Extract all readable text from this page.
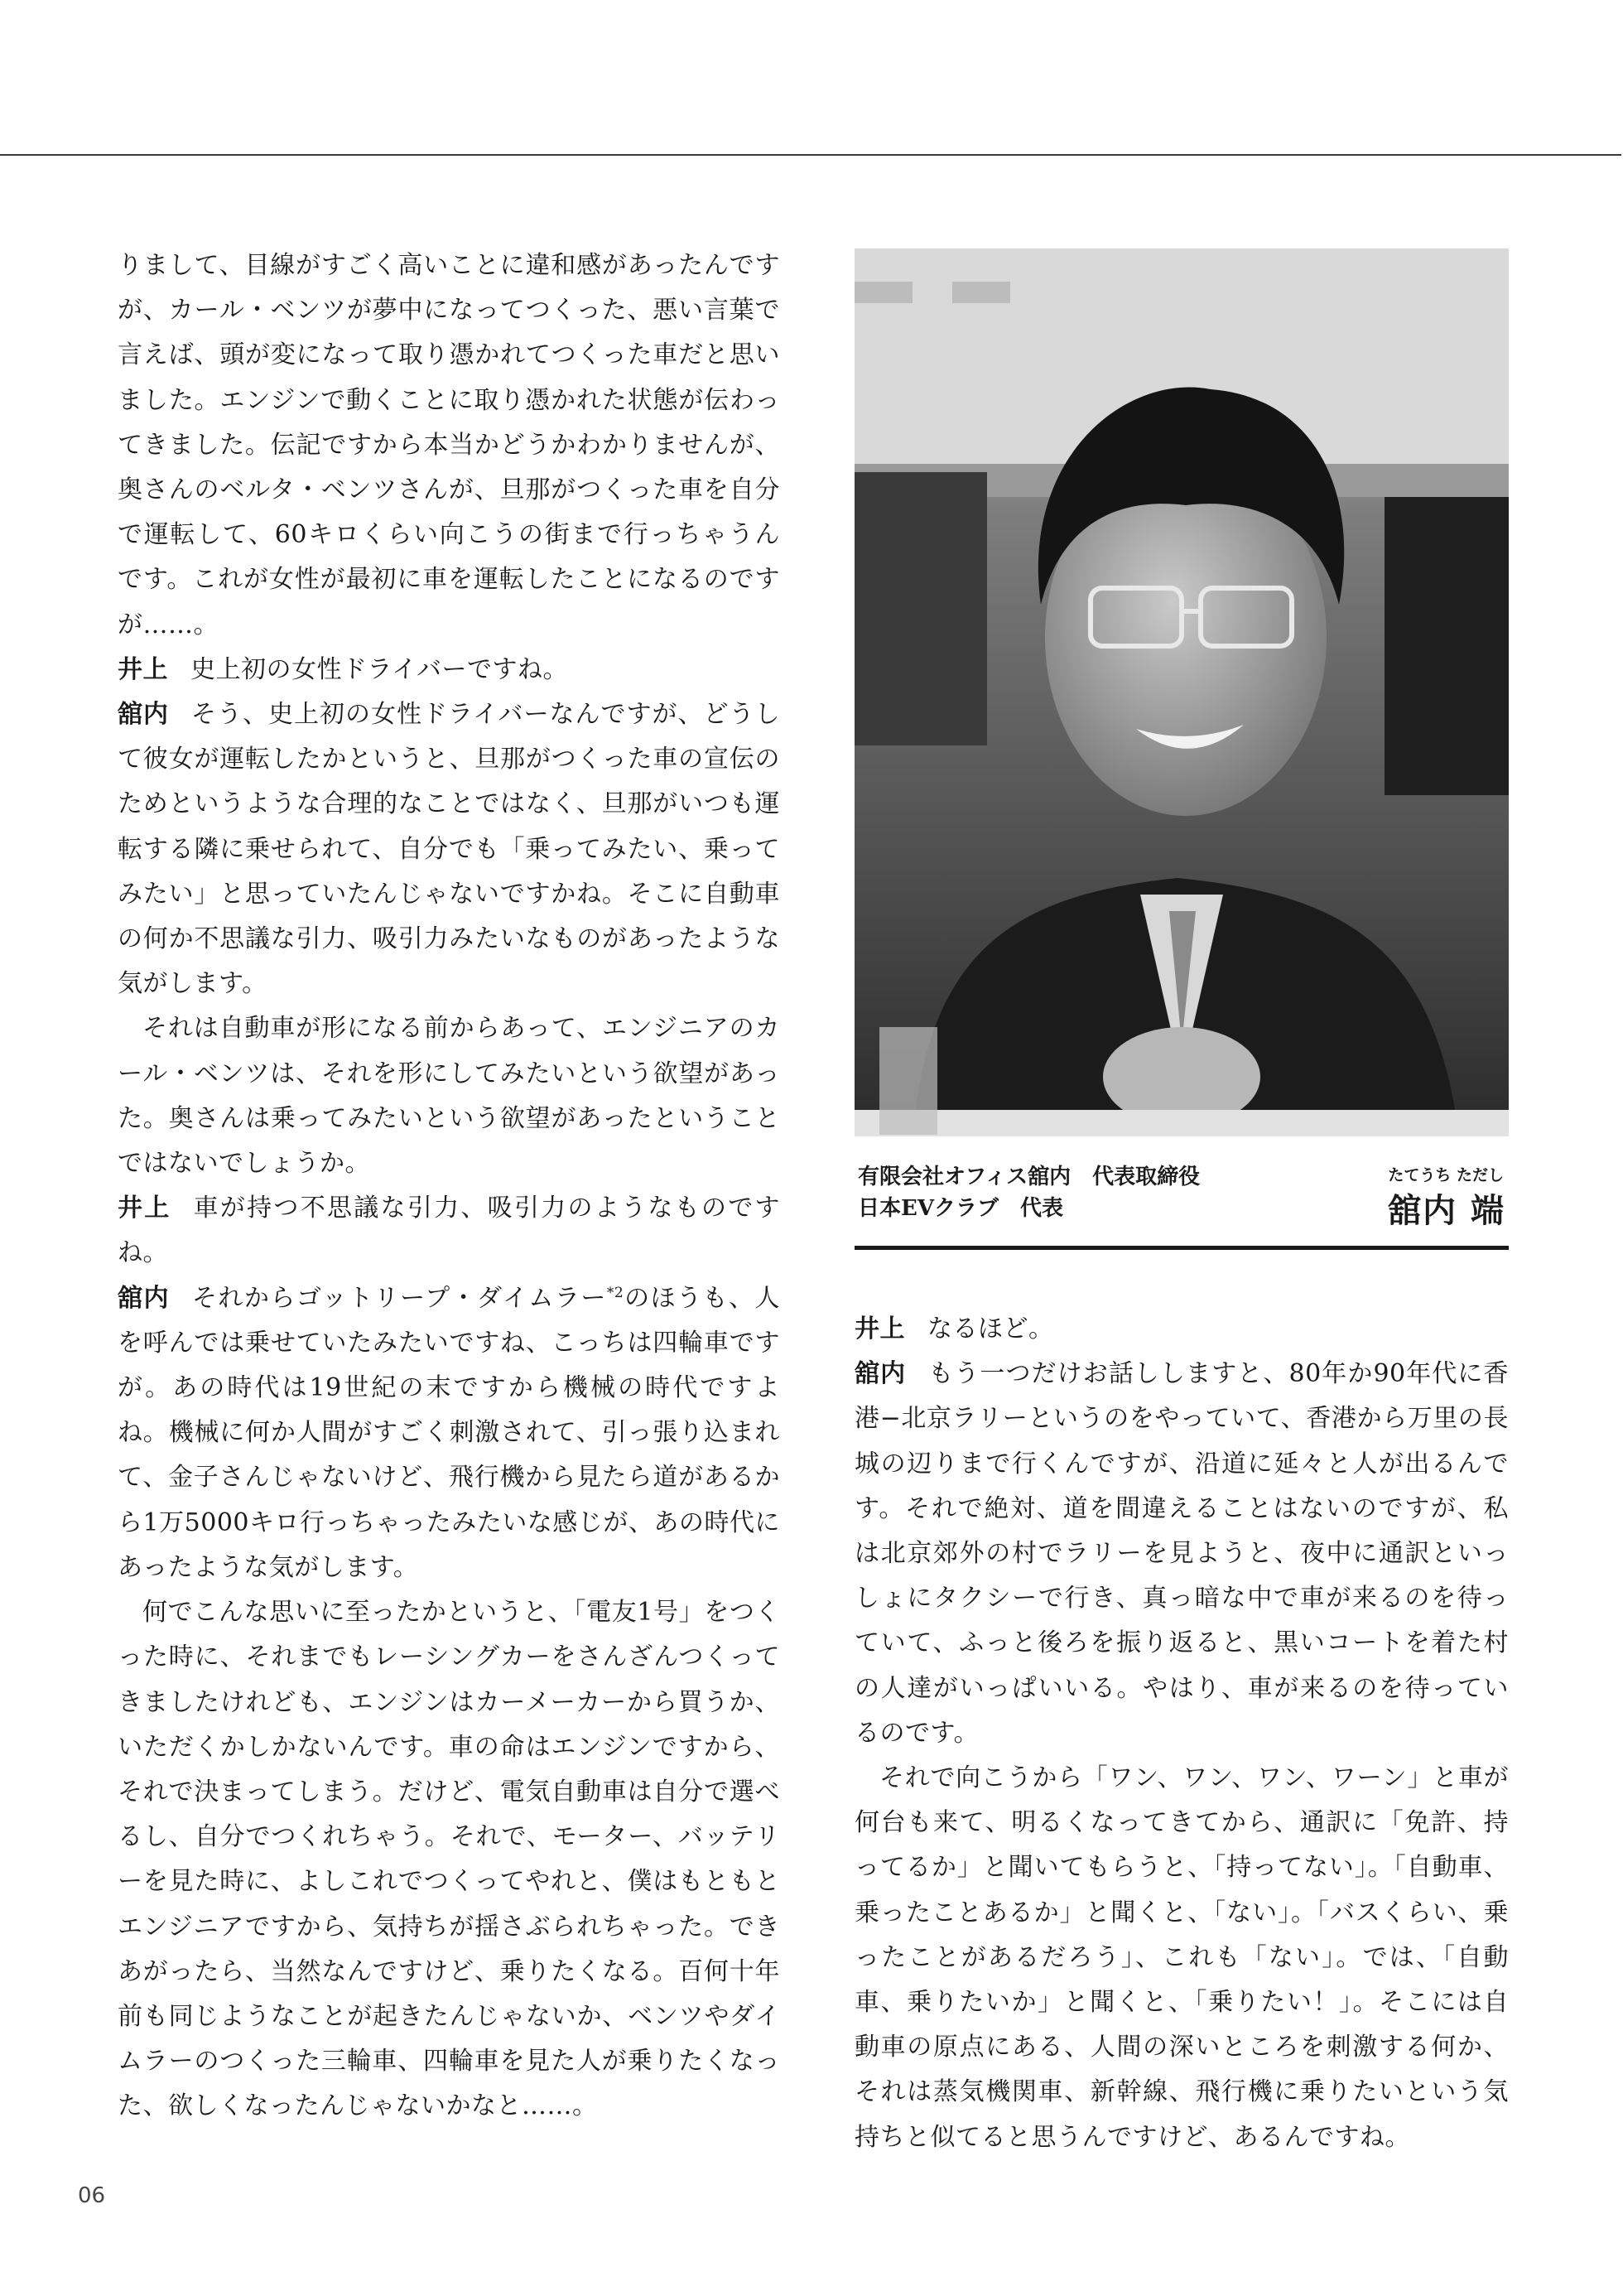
りまして、目線がすごく高いことに違和感があったんですが、カール・ベンツが夢中になってつくった、悪い言葉で言えば、頭が変になって取り憑かれてつくった車だと思いました。エンジンで動くことに取り憑かれた状態が伝わってきました。伝記ですから本当かどうかわかりませんが、奥さんのベルタ・ベンツさんが、旦那がつくった車を自分で運転して、60キロくらい向こうの街まで行っちゃうんです。これが女性が最初に車を運転したことになるのですが……。

井上 史上初の女性ドライバーですね。

舘内 そう、史上初の女性ドライバーなんですが、どうして彼女が運転したかというと、旦那がつくった車の宣伝のためというような合理的なことではなく、旦那がいつも運転する隣に乗せられて、自分でも「乗ってみたい、乗ってみたい」と思っていたんじゃないですかね。そこに自動車の何か不思議な引力、吸引力みたいなものがあったような気がします。

それは自動車が形になる前からあって、エンジニアのカール・ベンツは、それを形にしてみたいという欲望があった。奥さんは乗ってみたいという欲望があったということではないでしょうか。

井上 車が持つ不思議な引力、吸引力のようなものですね。

舘内 それからゴットリープ・ダイムラー$^{*2}$のほうも、人を呼んでは乗せていたみたいですね、こっちは四輪車ですが。あの時代は19世紀の末ですから機械の時代ですよね。機械に何か人間がすごく刺激されて、引っ張り込まれて、金子さんじゃないけど、飛行機から見たら道があるから1万5000キロ行っちゃったみたいな感じが、あの時代にあったような気がします。

何でこんな思いに至ったかというと、「電友1号」をつくった時に、それまでもレーシングカーをさんざんつくってきましたけれども、エンジンはカーメーカーから買うか、いただくかしかないんです。車の命はエンジンですから、それで決まってしまう。だけど、電気自動車は自分で選べるし、自分でつくれちゃう。それで、モーター、バッテリーを見た時に、よしこれでつくってやれと、僕はもともとエンジニアですから、気持ちが揺さぶられちゃった。できあがったら、当然なんですけど、乗りたくなる。百何十年前も同じようなことが起きたんじゃないか、ベンツやダイムラーのつくった三輪車、四輪車を見た人が乗りたくなった、欲しくなったんじゃないかなと……。

有限会社オフィス舘内　代表取締役
日本EVクラブ　代表
たてうち ただし
舘内 端

井上 なるほど。

舘内 もう一つだけお話ししますと、80年か90年代に香港−北京ラリーというのをやっていて、香港から万里の長城の辺りまで行くんですが、沿道に延々と人が出るんです。それで絶対、道を間違えることはないのですが、私は北京郊外の村でラリーを見ようと、夜中に通訳といっしょにタクシーで行き、真っ暗な中で車が来るのを待っていて、ふっと後ろを振り返ると、黒いコートを着た村の人達がいっぱいいる。やはり、車が来るのを待っているのです。

それで向こうから「ワン、ワン、ワン、ワーン」と車が何台も来て、明るくなってきてから、通訳に「免許、持ってるか」と聞いてもらうと、「持ってない」。「自動車、乗ったことあるか」と聞くと、「ない」。「バスくらい、乗ったことがあるだろう」、これも「ない」。では、「自動車、乗りたいか」と聞くと、「乗りたい！」。そこには自動車の原点にある、人間の深いところを刺激する何か、それは蒸気機関車、新幹線、飛行機に乗りたいという気持ちと似てると思うんですけど、あるんですね。

06
